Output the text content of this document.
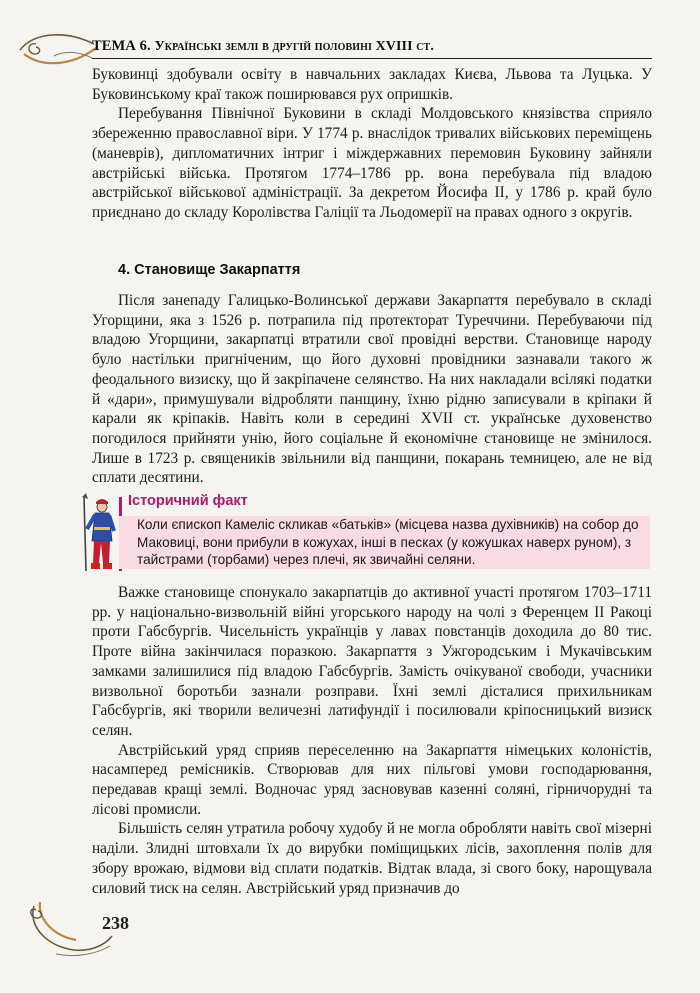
ТЕМА 6. Українські землі в другій половині XVIII ст.

Буковинці здобували освіту в навчальних закладах Києва, Львова та Луцька. У Буковинському краї також поширювався рух опришків.

Перебування Північної Буковини в складі Молдовського князівства сприяло збереженню православної віри. У 1774 р. внаслідок тривалих військових переміщень (маневрів), дипломатичних інтриг і міждержавних перемовин Буковину зайняли австрійські війська. Протягом 1774–1786 рр. вона перебувала під владою австрійської військової адміністрації. За декретом Йосифа ІІ, у 1786 р. край було приєднано до складу Королівства Галіції та Льодомерії на правах одного з округів.

4. Становище Закарпаття

Після занепаду Галицько-Волинської держави Закарпаття перебувало в складі Угорщини, яка з 1526 р. потрапила під протекторат Туреччини. Перебуваючи під владою Угорщини, закарпатці втратили свої провідні верстви. Становище народу було настільки пригніченим, що його духовні провідники зазнавали такого ж феодального визиску, що й закріпачене селянство. На них накладали всілякі податки й «дари», примушували відробляти панщину, їхню рідню записували в кріпаки й карали як кріпаків. Навіть коли в середині XVII ст. українське духовенство погодилося прийняти унію, його соціальне й економічне становище не змінилося. Лише в 1723 р. священиків звільнили від панщини, покарань темницею, але не від сплати десятини.

Історичний факт
Коли єпископ Камеліс скликав «батьків» (місцева назва духівників) на собор до Маковиці, вони прибули в кожухах, інші в песках (у кожушках наверх руном), з тайстрами (торбами) через плечі, як звичайні селяни.

Важке становище спонукало закарпатців до активної участі протягом 1703–1711 рр. у національно-визвольній війні угорського народу на чолі з Ференцем ІІ Ракоці проти Габсбургів. Чисельність українців у лавах повстанців доходила до 80 тис. Проте війна закінчилася поразкою. Закарпаття з Ужгородським і Мукачівським замками залишилися під владою Габсбургів. Замість очікуваної свободи, учасники визвольної боротьби зазнали розправи. Їхні землі дісталися прихильникам Габсбургів, які творили величезні латифундії і посилювали кріпосницький визиск селян.

Австрійський уряд сприяв переселенню на Закарпаття німецьких колоністів, насамперед ремісників. Створював для них пільгові умови господарювання, передавав кращі землі. Водночас уряд засновував казенні соляні, гірничорудні та лісові промисли.

Більшість селян утратила робочу худобу й не могла обробляти навіть свої мізерні наділи. Злидні штовхали їх до вирубки поміщицьких лісів, захоплення полів для збору врожаю, відмови від сплати податків. Відтак влада, зі свого боку, нарощувала силовий тиск на селян. Австрійський уряд призначив до

238
